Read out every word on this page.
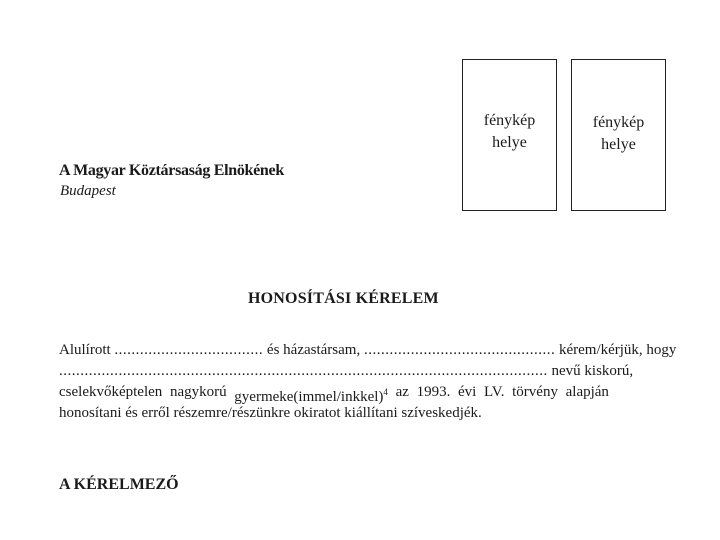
fénykép
helye
fénykép
helye
A Magyar Köztársaság Elnökének
Budapest
HONOSÍTÁSI KÉRELEM
Alulírott
...................................
és házastársam,
.............................................
kérem/kérjük, hogy
...................................................................................................................
nevű kiskorú,
cselekvőképtelen nagykorú gyermeke(immel/inkkel)$^4$ az 1993. évi LV. törvény alapján
honosítani és erről részemre/részünkre okiratot kiállítani szíveskedjék.
A KÉRELMEZŐ
